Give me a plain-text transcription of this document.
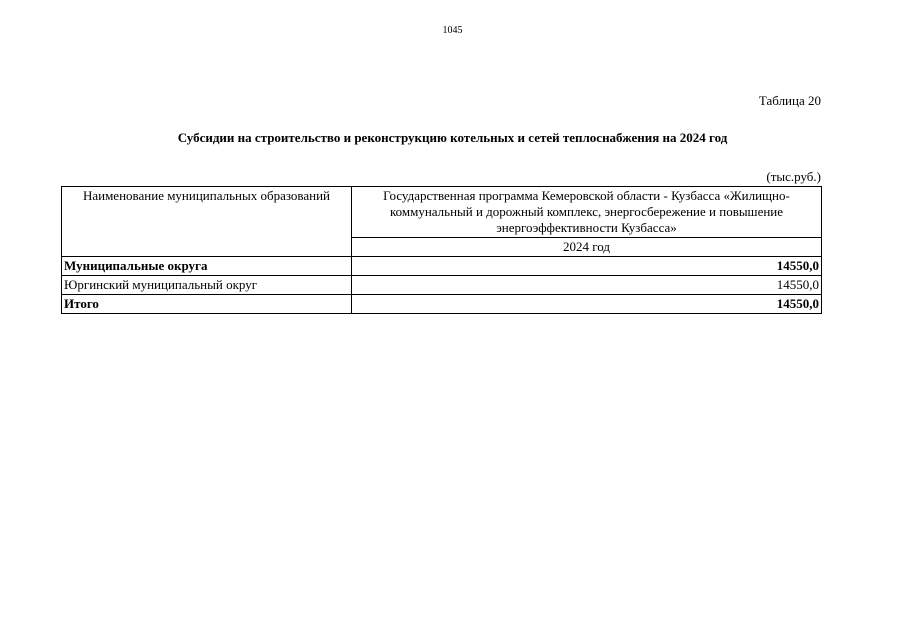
1045
Таблица 20
Субсидии на строительство и реконструкцию котельных и сетей теплоснабжения на 2024 год
(тыс.руб.)
Наименование муниципальных образований	Государственная программа Кемеровской области - Кузбасса «Жилищно-коммунальный и дорожный комплекс, энергосбережение и повышение энергоэффективности Кузбасса»
	2024 год
Муниципальные округа	14550,0
Юргинский муниципальный округ	14550,0
Итого	14550,0
